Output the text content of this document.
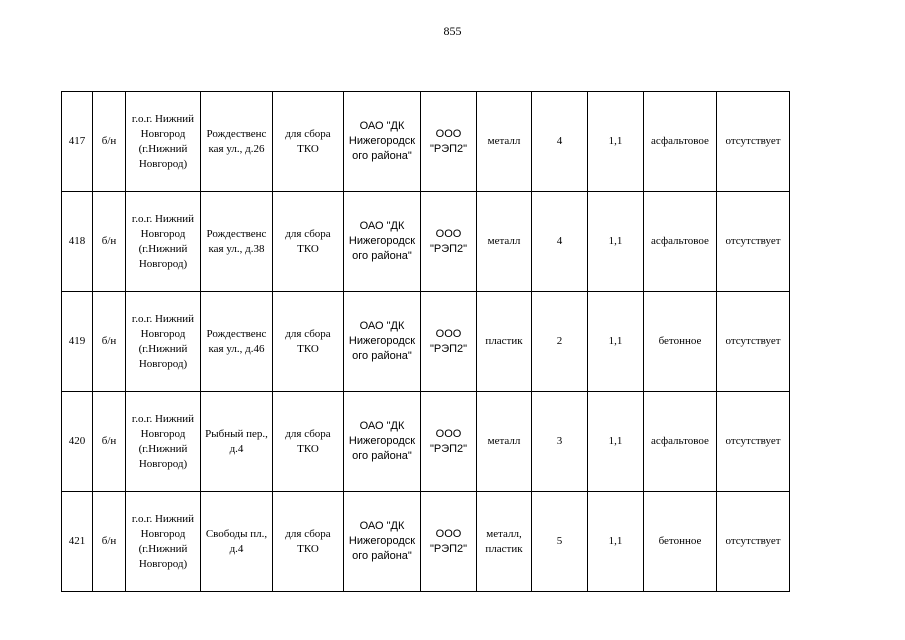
855
417	б/н	г.о.г. Нижний Новгород (г.Нижний Новгород)	Рождественс кая ул., д.26	для сбора ТКО	ОАО "ДК Нижегородск ого района"	ООО "РЭП2"	металл	4	1,1	асфальтовое	отсутствует
418	б/н	г.о.г. Нижний Новгород (г.Нижний Новгород)	Рождественс кая ул., д.38	для сбора ТКО	ОАО "ДК Нижегородск ого района"	ООО "РЭП2"	металл	4	1,1	асфальтовое	отсутствует
419	б/н	г.о.г. Нижний Новгород (г.Нижний Новгород)	Рождественс кая ул., д.46	для сбора ТКО	ОАО "ДК Нижегородск ого района"	ООО "РЭП2"	пластик	2	1,1	бетонное	отсутствует
420	б/н	г.о.г. Нижний Новгород (г.Нижний Новгород)	Рыбный пер., д.4	для сбора ТКО	ОАО "ДК Нижегородск ого района"	ООО "РЭП2"	металл	3	1,1	асфальтовое	отсутствует
421	б/н	г.о.г. Нижний Новгород (г.Нижний Новгород)	Свободы пл., д.4	для сбора ТКО	ОАО "ДК Нижегородск ого района"	ООО "РЭП2"	металл, пластик	5	1,1	бетонное	отсутствует
